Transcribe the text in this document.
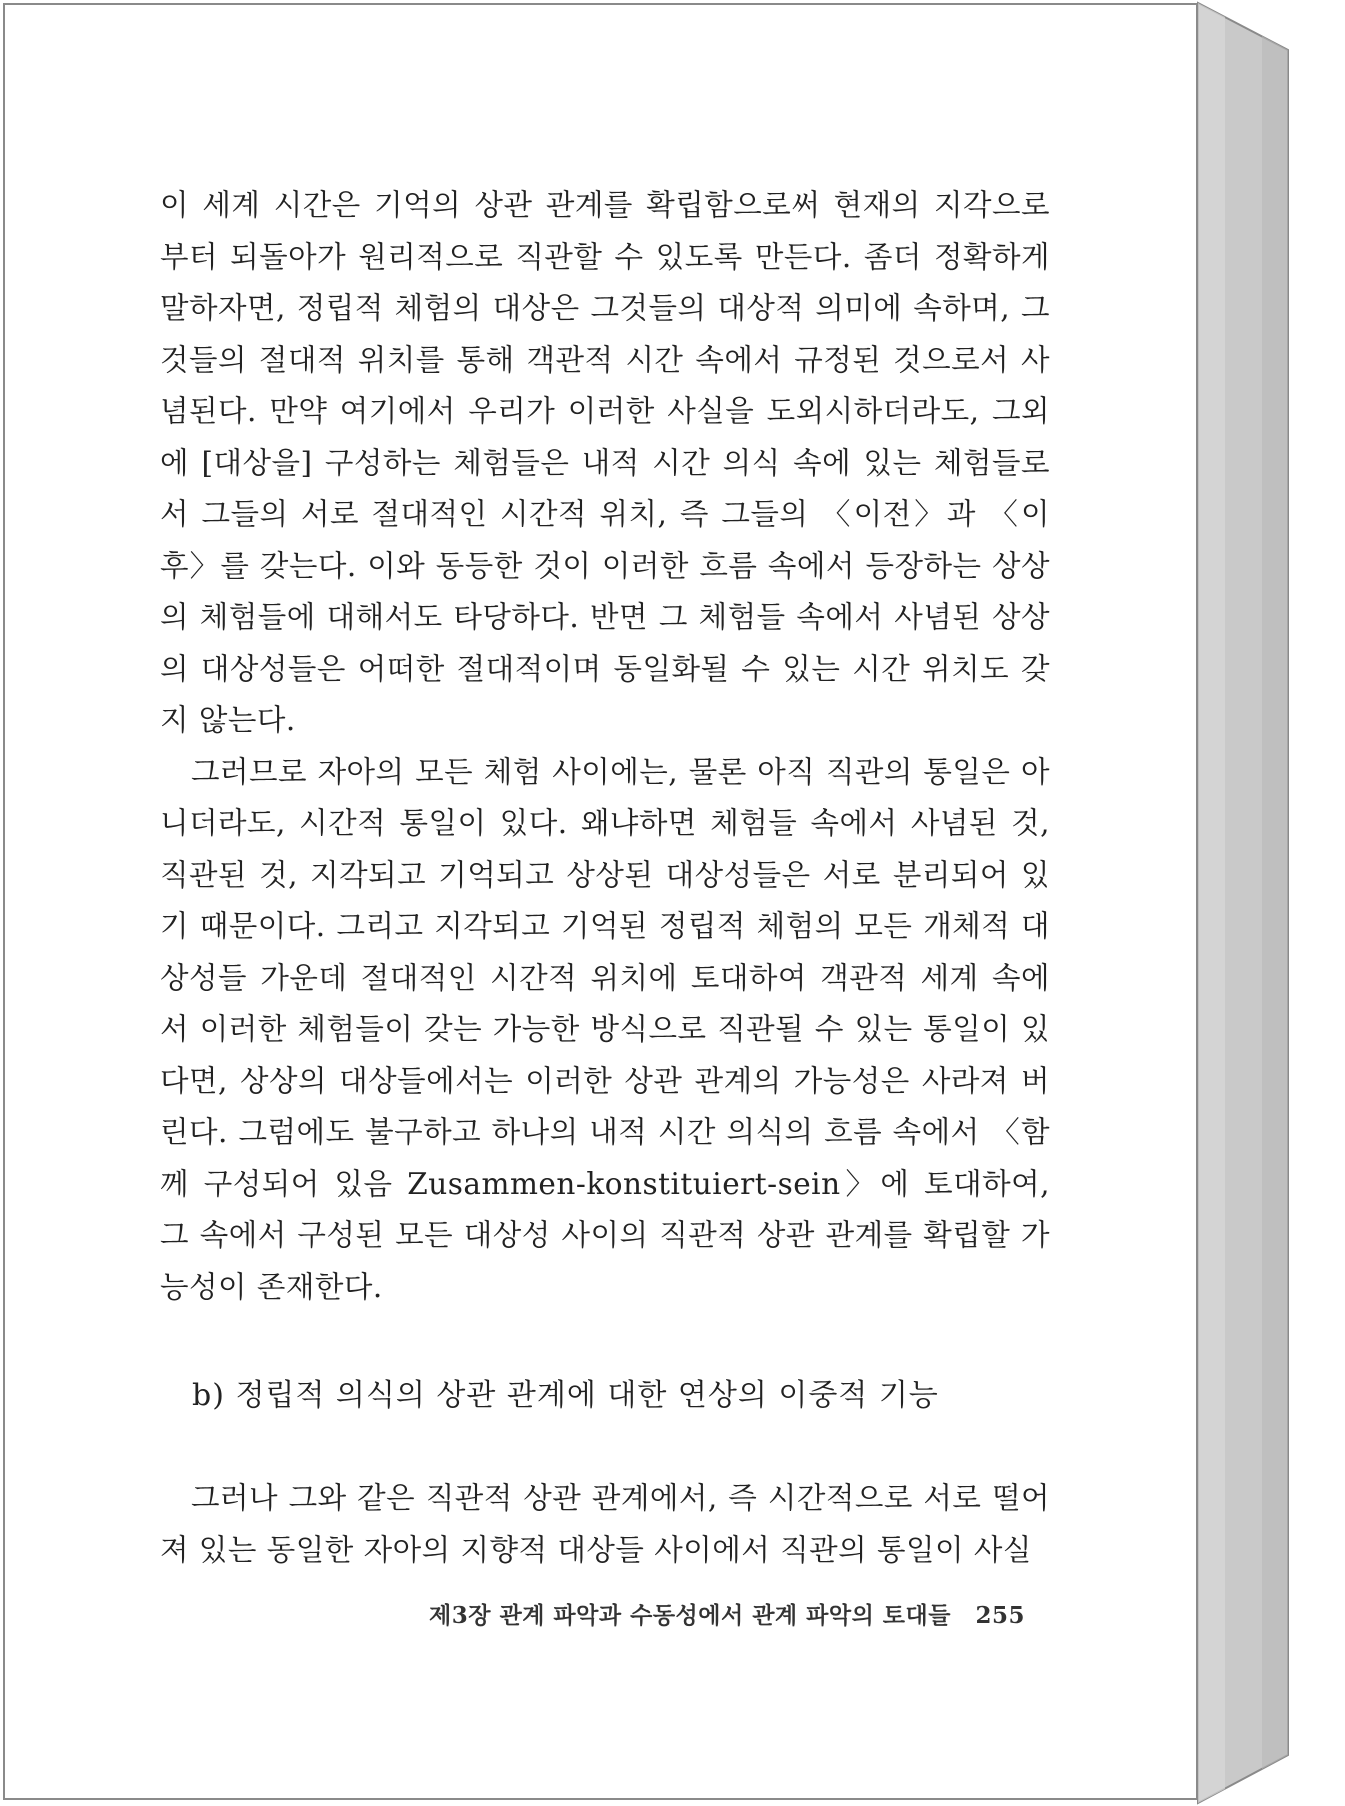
이 세계 시간은 기억의 상관 관계를 확립함으로써 현재의 지각으로부터 되돌아가 원리적으로 직관할 수 있도록 만든다. 좀더 정확하게 말하자면, 정립적 체험의 대상은 그것들의 대상적 의미에 속하며, 그것들의 절대적 위치를 통해 객관적 시간 속에서 규정된 것으로서 사념된다. 만약 여기에서 우리가 이러한 사실을 도외시하더라도, 그외에 [대상을] 구성하는 체험들은 내적 시간 의식 속에 있는 체험들로서 그들의 서로 절대적인 시간적 위치, 즉 그들의 〈이전〉과 〈이후〉를 갖는다. 이와 동등한 것이 이러한 흐름 속에서 등장하는 상상의 체험들에 대해서도 타당하다. 반면 그 체험들 속에서 사념된 상상의 대상성들은 어떠한 절대적이며 동일화될 수 있는 시간 위치도 갖지 않는다.

그러므로 자아의 모든 체험 사이에는, 물론 아직 직관의 통일은 아니더라도, 시간적 통일이 있다. 왜냐하면 체험들 속에서 사념된 것, 직관된 것, 지각되고 기억되고 상상된 대상성들은 서로 분리되어 있기 때문이다. 그리고 지각되고 기억된 정립적 체험의 모든 개체적 대상성들 가운데 절대적인 시간적 위치에 토대하여 객관적 세계 속에서 이러한 체험들이 갖는 가능한 방식으로 직관될 수 있는 통일이 있다면, 상상의 대상들에서는 이러한 상관 관계의 가능성은 사라져 버린다. 그럼에도 불구하고 하나의 내적 시간 의식의 흐름 속에서 〈함께 구성되어 있음 Zusammen-konstituiert-sein〉에 토대하여, 그 속에서 구성된 모든 대상성 사이의 직관적 상관 관계를 확립할 가능성이 존재한다.

b) 정립적 의식의 상관 관계에 대한 연상의 이중적 기능

그러나 그와 같은 직관적 상관 관계에서, 즉 시간적으로 서로 떨어져 있는 동일한 자아의 지향적 대상들 사이에서 직관의 통일이 사실

제3장 관계 파악과 수동성에서 관계 파악의 토대들 255
